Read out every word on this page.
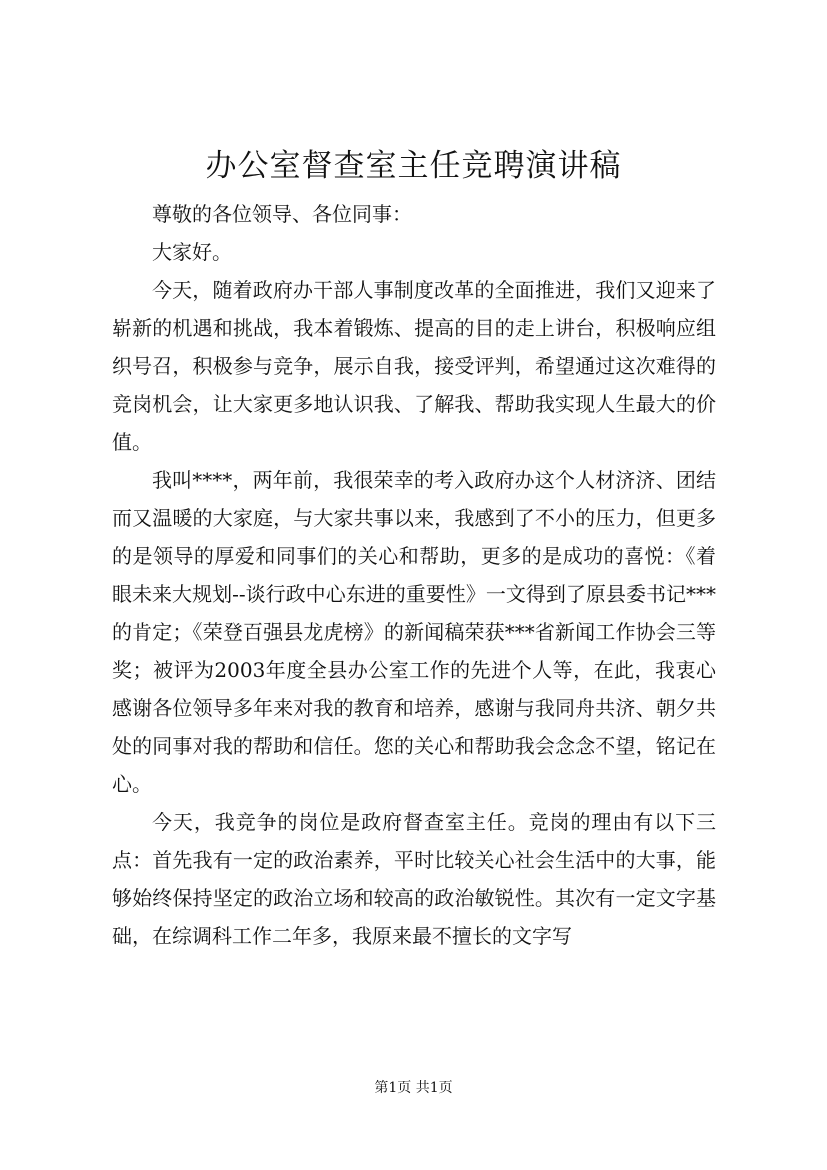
办公室督查室主任竞聘演讲稿

尊敬的各位领导、各位同事：

大家好。

今天，随着政府办干部人事制度改革的全面推进，我们又迎来了崭新的机遇和挑战，我本着锻炼、提高的目的走上讲台，积极响应组织号召，积极参与竞争，展示自我，接受评判，希望通过这次难得的竞岗机会，让大家更多地认识我、了解我、帮助我实现人生最大的价值。

我叫****，两年前，我很荣幸的考入政府办这个人材济济、团结而又温暖的大家庭，与大家共事以来，我感到了不小的压力，但更多的是领导的厚爱和同事们的关心和帮助，更多的是成功的喜悦：《着眼未来大规划--谈行政中心东进的重要性》一文得到了原县委书记***的肯定；《荣登百强县龙虎榜》的新闻稿荣获***省新闻工作协会三等奖；被评为2003年度全县办公室工作的先进个人等，在此，我衷心感谢各位领导多年来对我的教育和培养，感谢与我同舟共济、朝夕共处的同事对我的帮助和信任。您的关心和帮助我会念念不望，铭记在心。

今天，我竞争的岗位是政府督查室主任。竞岗的理由有以下三点：首先我有一定的政治素养，平时比较关心社会生活中的大事，能够始终保持坚定的政治立场和较高的政治敏锐性。其次有一定文字基础，在综调科工作二年多，我原来最不擅长的文字写

第1页 共1页
